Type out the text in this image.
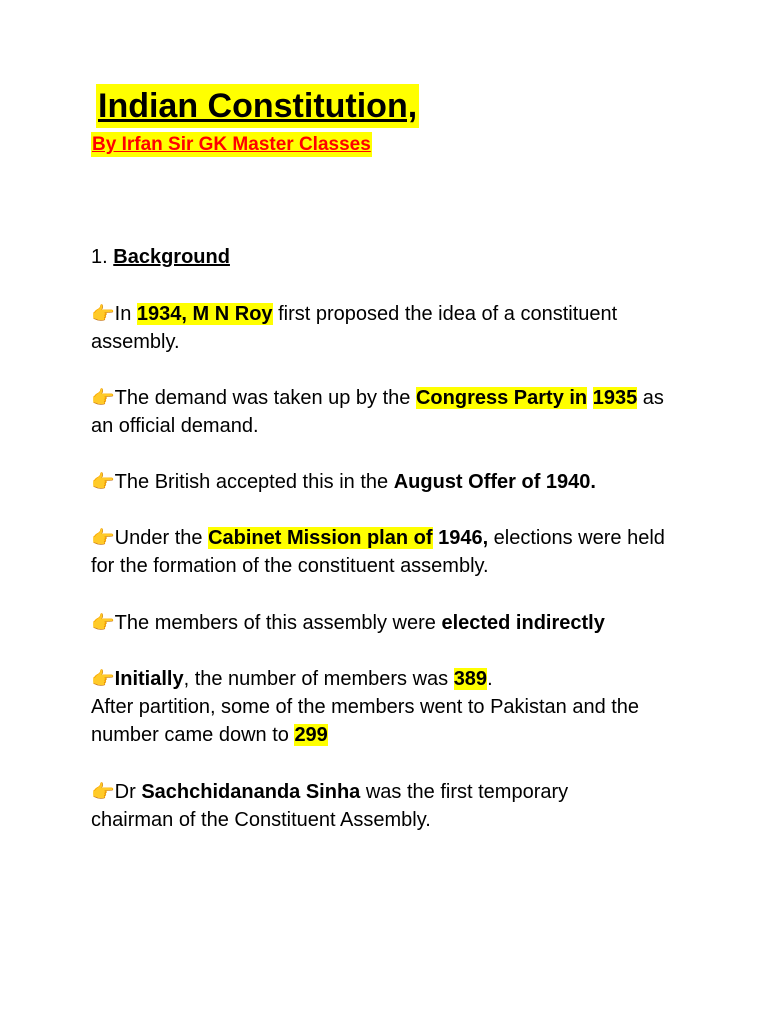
Indian Constitution,
By Irfan Sir GK Master Classes
1. Background
👉In 1934, M N Roy first proposed the idea of a constituent assembly.
👉The demand was taken up by the Congress Party in 1935 as an official demand.
👉The British accepted this in the August Offer of 1940.
👉Under the Cabinet Mission plan of 1946, elections were held for the formation of the constituent assembly.
👉The members of this assembly were elected indirectly
👉Initially, the number of members was 389.
After partition, some of the members went to Pakistan and the number came down to 299
👉Dr Sachchidananda Sinha was the first temporary chairman of the Constituent Assembly.
